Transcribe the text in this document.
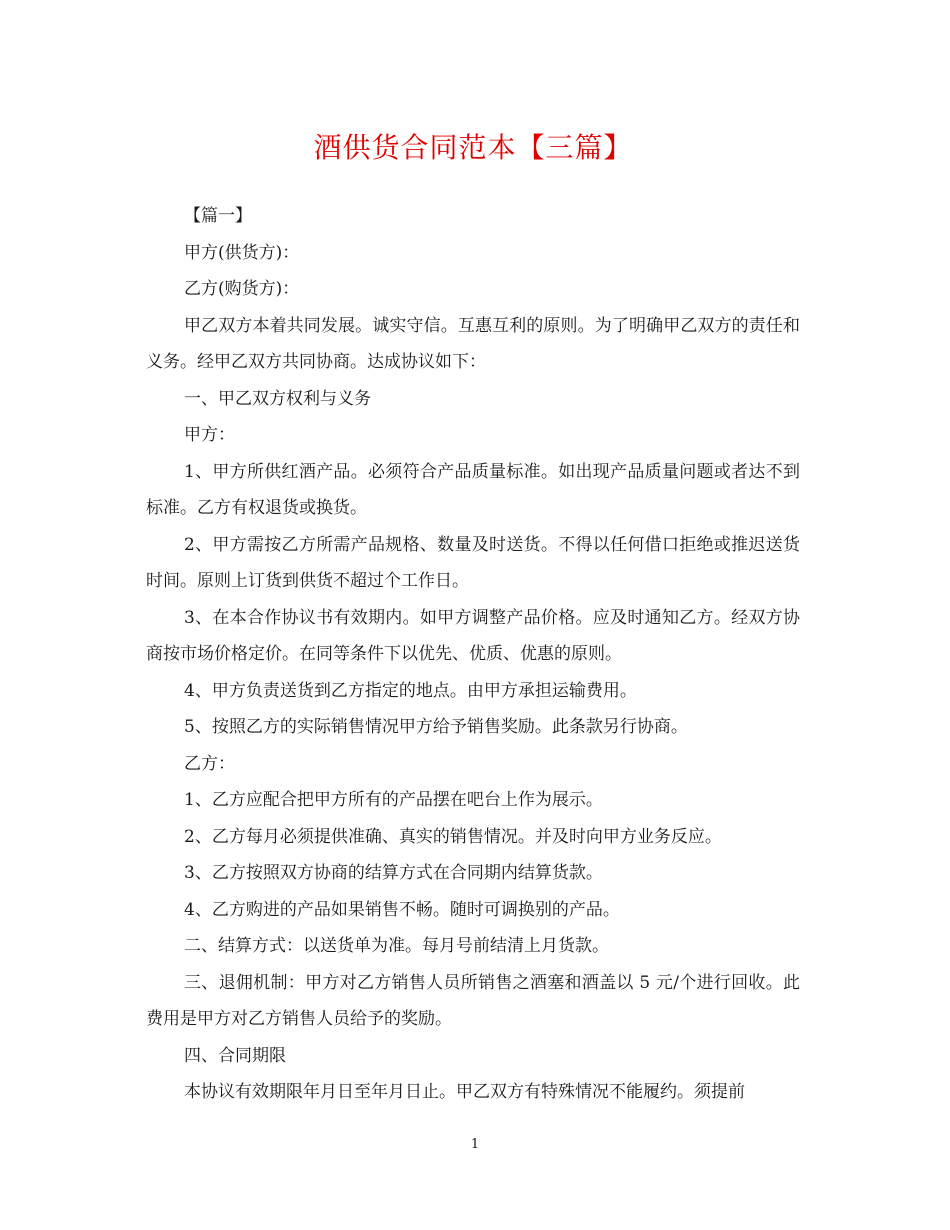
酒供货合同范本【三篇】

【篇一】

甲方(供货方)：

乙方(购货方)：

甲乙双方本着共同发展。诚实守信。互惠互利的原则。为了明确甲乙双方的责任和义务。经甲乙双方共同协商。达成协议如下：

一、甲乙双方权利与义务

甲方：

1、甲方所供红酒产品。必须符合产品质量标准。如出现产品质量问题或者达不到标准。乙方有权退货或换货。

2、甲方需按乙方所需产品规格、数量及时送货。不得以任何借口拒绝或推迟送货时间。原则上订货到供货不超过个工作日。

3、在本合作协议书有效期内。如甲方调整产品价格。应及时通知乙方。经双方协商按市场价格定价。在同等条件下以优先、优质、优惠的原则。

4、甲方负责送货到乙方指定的地点。由甲方承担运输费用。

5、按照乙方的实际销售情况甲方给予销售奖励。此条款另行协商。

乙方：

1、乙方应配合把甲方所有的产品摆在吧台上作为展示。

2、乙方每月必须提供准确、真实的销售情况。并及时向甲方业务反应。

3、乙方按照双方协商的结算方式在合同期内结算货款。

4、乙方购进的产品如果销售不畅。随时可调换别的产品。

二、结算方式：以送货单为准。每月号前结清上月货款。

三、退佣机制：甲方对乙方销售人员所销售之酒塞和酒盖以 5 元/个进行回收。此费用是甲方对乙方销售人员给予的奖励。

四、合同期限

本协议有效期限年月日至年月日止。甲乙双方有特殊情况不能履约。须提前

1
